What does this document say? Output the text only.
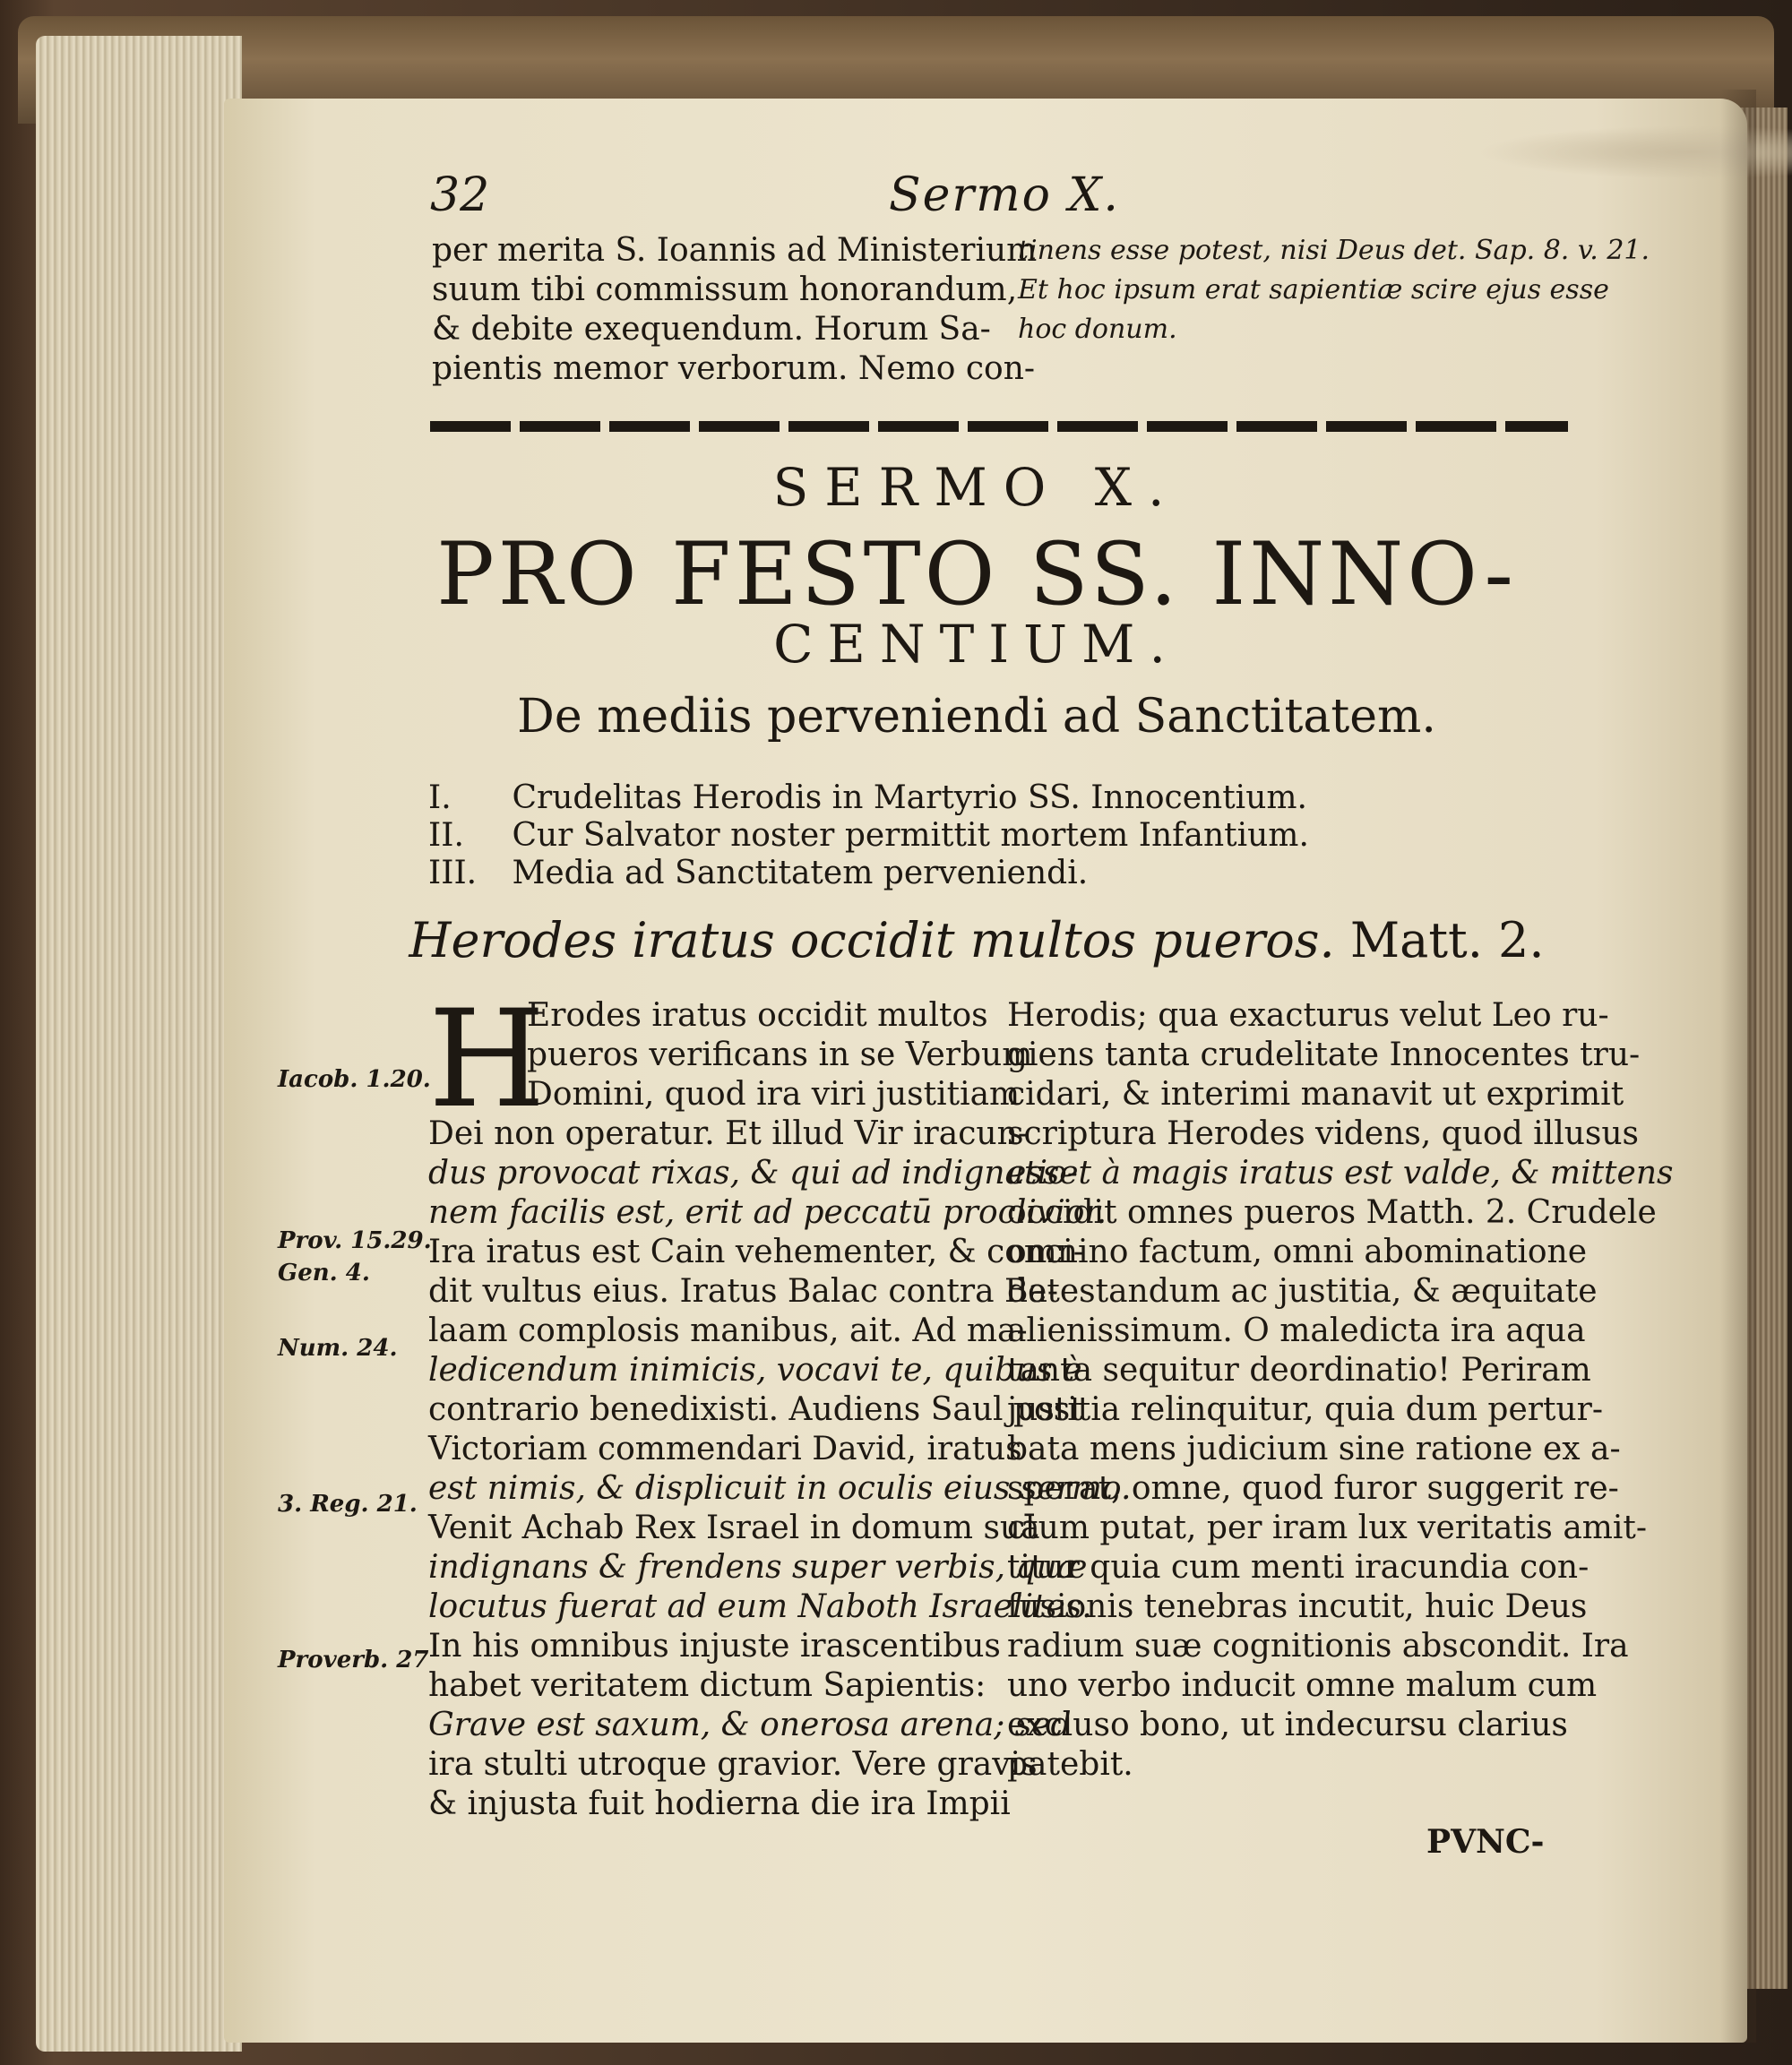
32	Sermo X.
per merita S. Ioannis ad Ministerium
suum tibi commissum honorandum,
& debite exequendum. Horum Sa-
pientis memor verborum. Nemo con-
tinens esse potest, nisi Deus det. Sap. 8. v. 21.
Et hoc ipsum erat sapientiæ scire ejus esse
hoc donum.
SERMO X.
PRO FESTO SS. INNO-
CENTIUM.
De mediis perveniendi ad Sanctitatem.
I. Crudelitas Herodis in Martyrio SS. Innocentium.
II. Cur Salvator noster permittit mortem Infantium.
III. Media ad Sanctitatem perveniendi.
Herodes iratus occidit multos pueros. Matt. 2.
Iacob. 1.20.
Prov. 15.29.
Gen. 4.
Num. 24.
3. Reg. 21.
Proverb. 27
H
Erodes iratus occidit multos
pueros verificans in se Verbum
Domini, quod ira viri justitiam
Dei non operatur. Et illud Vir iracun-
dus provocat rixas, & qui ad indignatio-
nem facilis est, erit ad peccatū proclivior.
Ira iratus est Cain vehementer, & conci-
dit vultus eius. Iratus Balac contra Ba-
laam complosis manibus, ait. Ad ma-
ledicendum inimicis, vocavi te, quibus è
contrario benedixisti. Audiens Saul post
Victoriam commendari David, iratus
est nimis, & displicuit in oculis eius sermo.
Venit Achab Rex Israel in domum suā
indignans & frendens super verbis, quæ
locutus fuerat ad eum Naboth Israelites.
In his omnibus injuste irascentibus
habet veritatem dictum Sapientis:
Grave est saxum, & onerosa arena; sed
ira stulti utroque gravior. Vere gravis
& injusta fuit hodierna die ira Impii
Herodis; qua exacturus velut Leo ru-
giens tanta crudelitate Innocentes tru-
cidari, & interimi manavit ut exprimit
scriptura Herodes videns, quod illusus
esset à magis iratus est valde, & mittens
occidit omnes pueros Matth. 2. Crudele
omnino factum, omni abominatione
detestandum ac justitia, & æquitate
alienissimum. O maledicta ira aqua
tanta sequitur deordinatio! Periram
justitia relinquitur, quia dum pertur-
bata mens judicium sine ratione ex a-
sperat, omne, quod furor suggerit re-
ctum putat, per iram lux veritatis amit-
titur quia cum menti iracundia con-
fusionis tenebras incutit, huic Deus
radium suæ cognitionis abscondit. Ira
uno verbo inducit omne malum cum
excluso bono, ut indecursu clarius
patebit.
PVNC-
